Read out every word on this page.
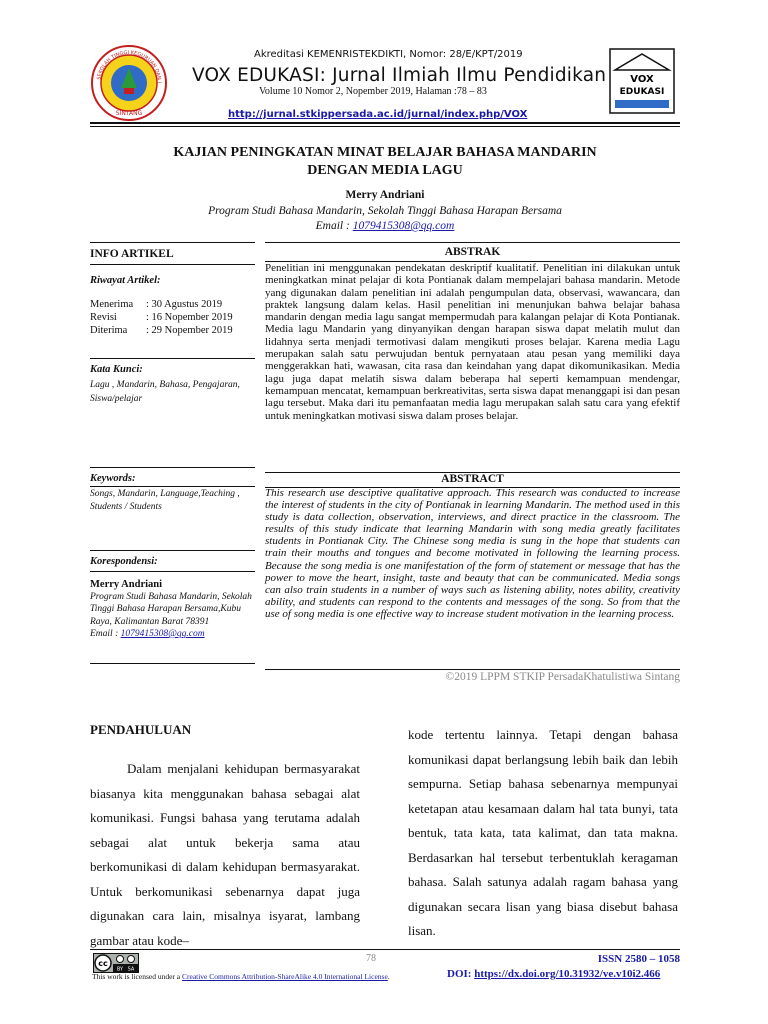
SEKOLAH TINGGI KEGURUAN DAN I
SINTANG
Akreditasi KEMENRISTEKDIKTI, Nomor: 28/E/KPT/2019
VOX EDUKASI: Jurnal Ilmiah Ilmu Pendidikan
Volume 10 Nomor 2, Nopember 2019, Halaman :78 – 83
http://jurnal.stkippersada.ac.id/jurnal/index.php/VOX
VOX
EDUKASI
KAJIAN PENINGKATAN MINAT BELAJAR BAHASA MANDARIN
DENGAN MEDIA LAGU
Merry Andriani
Program Studi Bahasa Mandarin, Sekolah Tinggi Bahasa Harapan Bersama
Email : 1079415308@qq.com
INFO ARTIKEL
Riwayat Artikel:
Menerima : 30 Agustus 2019
Revisi	: 16 Nopember 2019
Diterima : 29 Nopember 2019
Kata Kunci:
Lagu , Mandarin, Bahasa, Pengajaran, Siswa/pelajar
Keywords:
Songs, Mandarin, Language,Teaching , Students / Students
Korespondensi:
Merry Andriani
Program Studi Bahasa Mandarin, Sekolah Tinggi Bahasa Harapan Bersama,Kubu Raya, Kalimantan Barat 78391
Email : 1079415308@qq.com
ABSTRAK
Penelitian ini menggunakan pendekatan deskriptif kualitatif. Penelitian ini dilakukan untuk meningkatkan minat pelajar di kota Pontianak dalam mempelajari bahasa mandarin. Metode yang digunakan dalam penelitian ini adalah pengumpulan data, observasi, wawancara, dan praktek langsung dalam kelas. Hasil penelitian ini menunjukan bahwa belajar bahasa mandarin dengan media lagu sangat mempermudah para kalangan pelajar di Kota Pontianak. Media lagu Mandarin yang dinyanyikan dengan harapan siswa dapat melatih mulut dan lidahnya serta menjadi termotivasi dalam mengikuti proses belajar. Karena media Lagu merupakan salah satu perwujudan bentuk pernyataan atau pesan yang memiliki daya menggerakkan hati, wawasan, cita rasa dan keindahan yang dapat dikomunikasikan. Media lagu juga dapat melatih siswa dalam beberapa hal seperti kemampuan mendengar, kemampuan mencatat, kemampuan berkreativitas, serta siswa dapat menanggapi isi dan pesan lagu tersebut. Maka dari itu pemanfaatan media lagu merupakan salah satu cara yang efektif untuk meningkatkan motivasi siswa dalam proses belajar.
ABSTRACT
This research use desciptive qualitative approach. This research was conducted to increase the interest of students in the city of Pontianak in learning Mandarin. The method used in this study is data collection, observation, interviews, and direct practice in the classroom. The results of this study indicate that learning Mandarin with song media greatly facilitates students in Pontianak City. The Chinese song media is sung in the hope that students can train their mouths and tongues and become motivated in following the learning process. Because the song media is one manifestation of the form of statement or message that has the power to move the heart, insight, taste and beauty that can be communicated. Media songs can also train students in a number of ways such as listening ability, notes ability, creativity ability, and students can respond to the contents and messages of the song. So from that the use of song media is one effective way to increase student motivation in the learning process.
©2019 LPPM STKIP PersadaKhatulistiwa Sintang
PENDAHULUAN

Dalam menjalani kehidupan bermasyarakat biasanya kita menggunakan bahasa sebagai alat komunikasi. Fungsi bahasa yang terutama adalah sebagai alat untuk bekerja sama atau berkomunikasi di dalam kehidupan bermasyarakat. Untuk berkomunikasi sebenarnya dapat juga digunakan cara lain, misalnya isyarat, lambang gambar atau kode–

kode tertentu lainnya. Tetapi dengan bahasa komunikasi dapat berlangsung lebih baik dan lebih sempurna. Setiap bahasa sebenarnya mempunyai ketetapan atau kesamaan dalam hal tata bunyi, tata bentuk, tata kata, tata kalimat, dan tata makna. Berdasarkan hal tersebut terbentuklah keragaman bahasa. Salah satunya adalah ragam bahasa yang digunakan secara lisan yang biasa disebut bahasa lisan.

cc
BY SA
78	ISSN 2580 – 1058
DOI: https://dx.doi.org/10.31932/ve.v10i2.466
This work is licensed under a Creative Commons Attribution-ShareAlike 4.0 International License.
